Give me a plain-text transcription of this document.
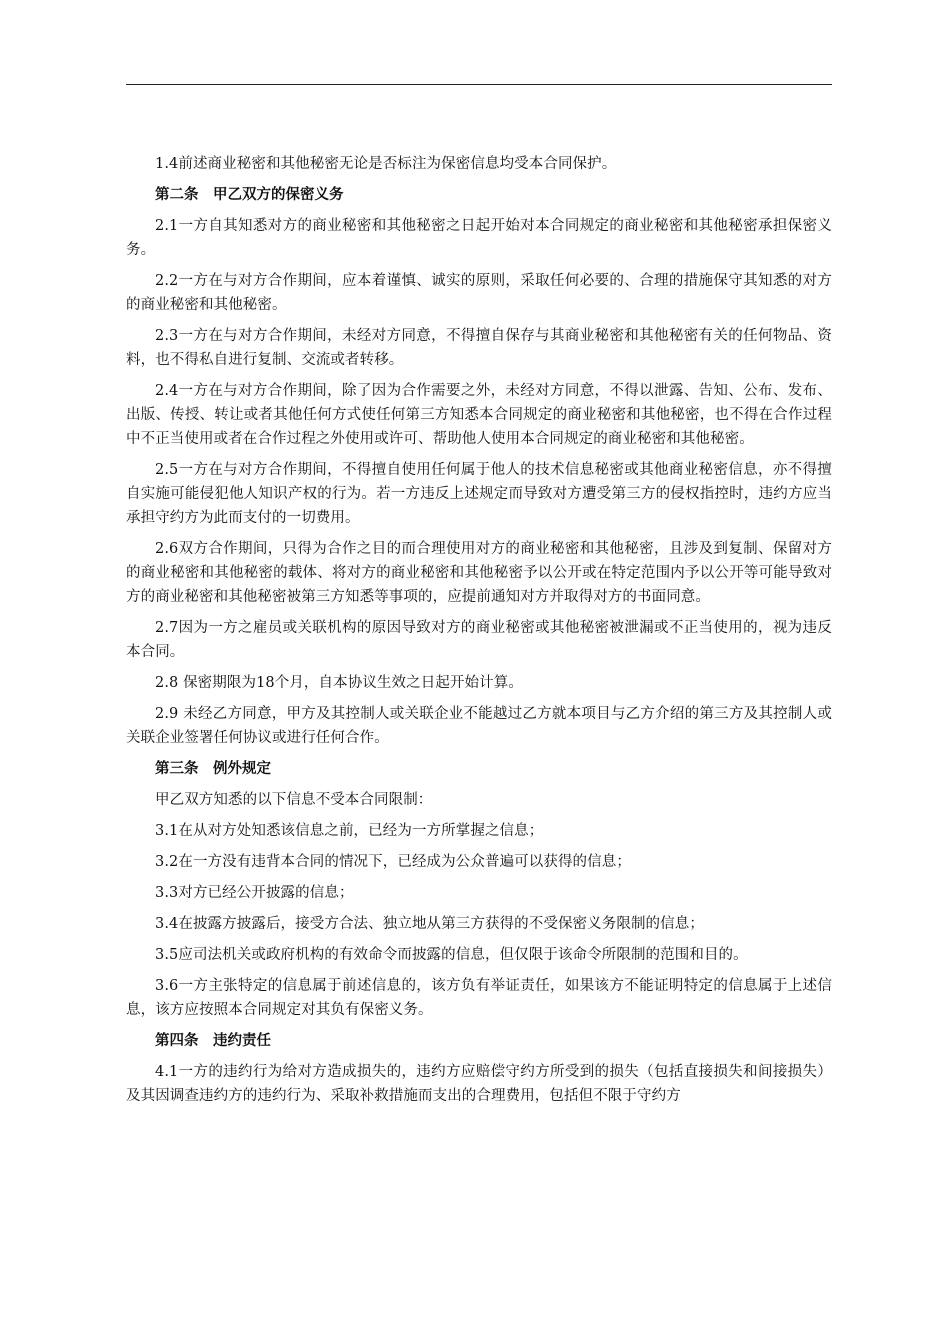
1.4前述商业秘密和其他秘密无论是否标注为保密信息均受本合同保护。

第二条　甲乙双方的保密义务

2.1一方自其知悉对方的商业秘密和其他秘密之日起开始对本合同规定的商业秘密和其他秘密承担保密义务。

2.2一方在与对方合作期间，应本着谨慎、诚实的原则，采取任何必要的、合理的措施保守其知悉的对方的商业秘密和其他秘密。

2.3一方在与对方合作期间，未经对方同意，不得擅自保存与其商业秘密和其他秘密有关的任何物品、资料，也不得私自进行复制、交流或者转移。

2.4一方在与对方合作期间，除了因为合作需要之外，未经对方同意，不得以泄露、告知、公布、发布、出版、传授、转让或者其他任何方式使任何第三方知悉本合同规定的商业秘密和其他秘密，也不得在合作过程中不正当使用或者在合作过程之外使用或许可、帮助他人使用本合同规定的商业秘密和其他秘密。

2.5一方在与对方合作期间，不得擅自使用任何属于他人的技术信息秘密或其他商业秘密信息，亦不得擅自实施可能侵犯他人知识产权的行为。若一方违反上述规定而导致对方遭受第三方的侵权指控时，违约方应当承担守约方为此而支付的一切费用。

2.6双方合作期间，只得为合作之目的而合理使用对方的商业秘密和其他秘密，且涉及到复制、保留对方的商业秘密和其他秘密的载体、将对方的商业秘密和其他秘密予以公开或在特定范围内予以公开等可能导致对方的商业秘密和其他秘密被第三方知悉等事项的，应提前通知对方并取得对方的书面同意。

2.7因为一方之雇员或关联机构的原因导致对方的商业秘密或其他秘密被泄漏或不正当使用的，视为违反本合同。

2.8 保密期限为18个月，自本协议生效之日起开始计算。

2.9 未经乙方同意，甲方及其控制人或关联企业不能越过乙方就本项目与乙方介绍的第三方及其控制人或关联企业签署任何协议或进行任何合作。

第三条　例外规定

甲乙双方知悉的以下信息不受本合同限制：

3.1在从对方处知悉该信息之前，已经为一方所掌握之信息；

3.2在一方没有违背本合同的情况下，已经成为公众普遍可以获得的信息；

3.3对方已经公开披露的信息；

3.4在披露方披露后，接受方合法、独立地从第三方获得的不受保密义务限制的信息；

3.5应司法机关或政府机构的有效命令而披露的信息，但仅限于该命令所限制的范围和目的。

3.6一方主张特定的信息属于前述信息的，该方负有举证责任，如果该方不能证明特定的信息属于上述信息，该方应按照本合同规定对其负有保密义务。

第四条　违约责任

4.1一方的违约行为给对方造成损失的，违约方应赔偿守约方所受到的损失（包括直接损失和间接损失）及其因调查违约方的违约行为、采取补救措施而支出的合理费用，包括但不限于守约方
